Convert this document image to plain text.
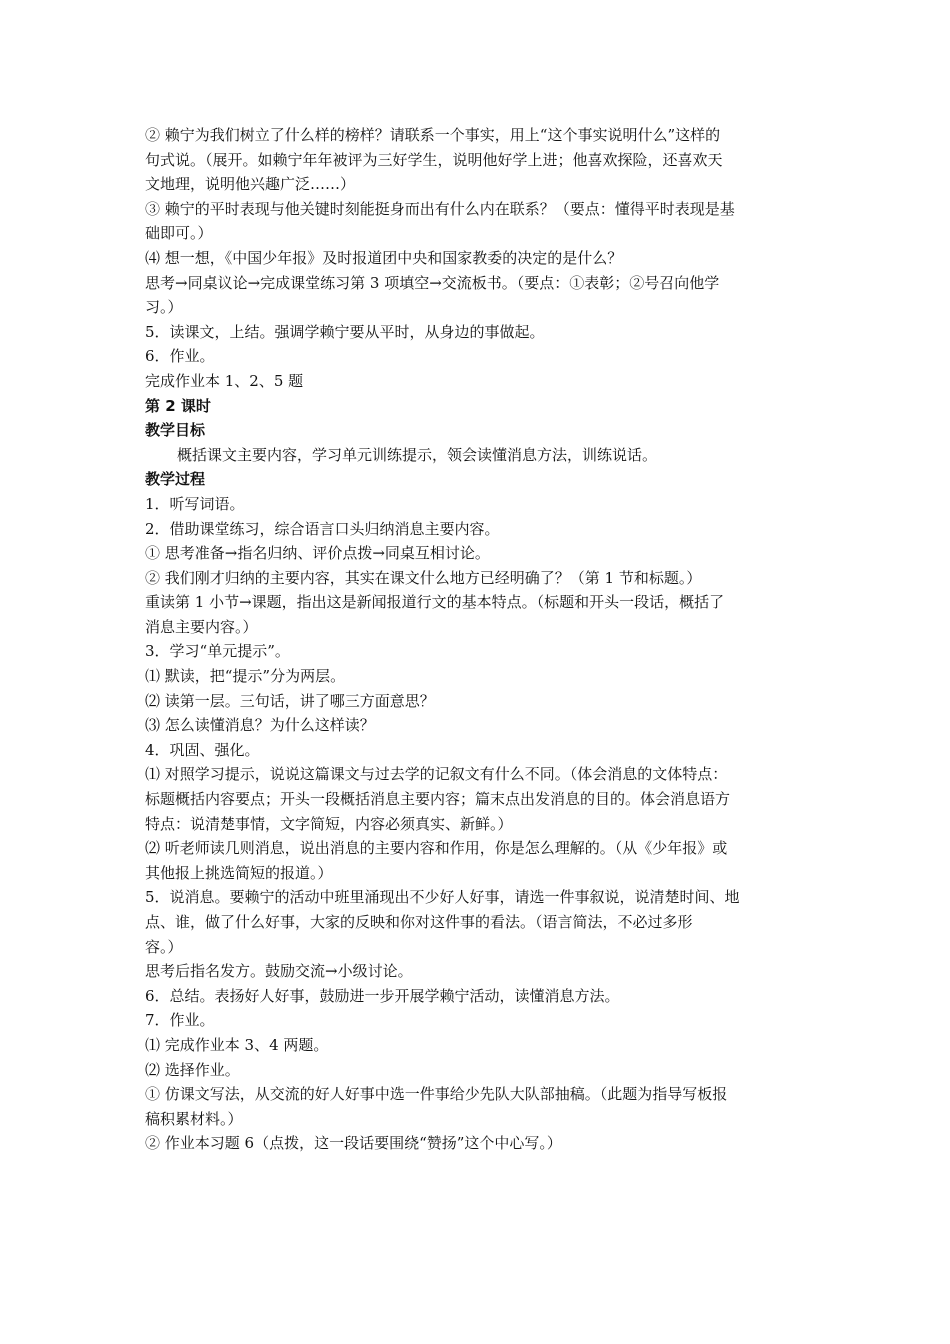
② 赖宁为我们树立了什么样的榜样？请联系一个事实，用上“这个事实说明什么”这样的
句式说。（展开。如赖宁年年被评为三好学生，说明他好学上进；他喜欢探险，还喜欢天
文地理，说明他兴趣广泛……）
③ 赖宁的平时表现与他关键时刻能挺身而出有什么内在联系？（要点：懂得平时表现是基
础即可。）
⑷ 想一想，《中国少年报》及时报道团中央和国家教委的决定的是什么？
思考→同桌议论→完成课堂练习第 3 项填空→交流板书。（要点：①表彰；②号召向他学
习。）
5．读课文，上结。强调学赖宁要从平时，从身边的事做起。
6．作业。
完成作业本 1、2、5 题
第 2 课时
教学目标
概括课文主要内容，学习单元训练提示，领会读懂消息方法，训练说话。
教学过程
1．听写词语。
2．借助课堂练习，综合语言口头归纳消息主要内容。
① 思考准备→指名归纳、评价点拨→同桌互相讨论。
② 我们刚才归纳的主要内容，其实在课文什么地方已经明确了？（第 1 节和标题。）
重读第 1 小节→课题，指出这是新闻报道行文的基本特点。（标题和开头一段话，概括了
消息主要内容。）
3．学习“单元提示”。
⑴ 默读，把“提示”分为两层。
⑵ 读第一层。三句话，讲了哪三方面意思？
⑶ 怎么读懂消息？为什么这样读？
4．巩固、强化。
⑴ 对照学习提示，说说这篇课文与过去学的记叙文有什么不同。（体会消息的文体特点：
标题概括内容要点；开头一段概括消息主要内容；篇末点出发消息的目的。体会消息语方
特点：说清楚事情，文字简短，内容必须真实、新鲜。）
⑵ 听老师读几则消息，说出消息的主要内容和作用，你是怎么理解的。（从《少年报》或
其他报上挑选简短的报道。）
5．说消息。要赖宁的活动中班里涌现出不少好人好事，请选一件事叙说，说清楚时间、地
点、谁，做了什么好事，大家的反映和你对这件事的看法。（语言简法，不必过多形
容。）
思考后指名发方。鼓励交流→小级讨论。
6．总结。表扬好人好事，鼓励进一步开展学赖宁活动，读懂消息方法。
7．作业。
⑴ 完成作业本 3、4 两题。
⑵ 选择作业。
① 仿课文写法，从交流的好人好事中选一件事给少先队大队部抽稿。（此题为指导写板报
稿积累材料。）
② 作业本习题 6（点拨，这一段话要围绕“赞扬”这个中心写。）
